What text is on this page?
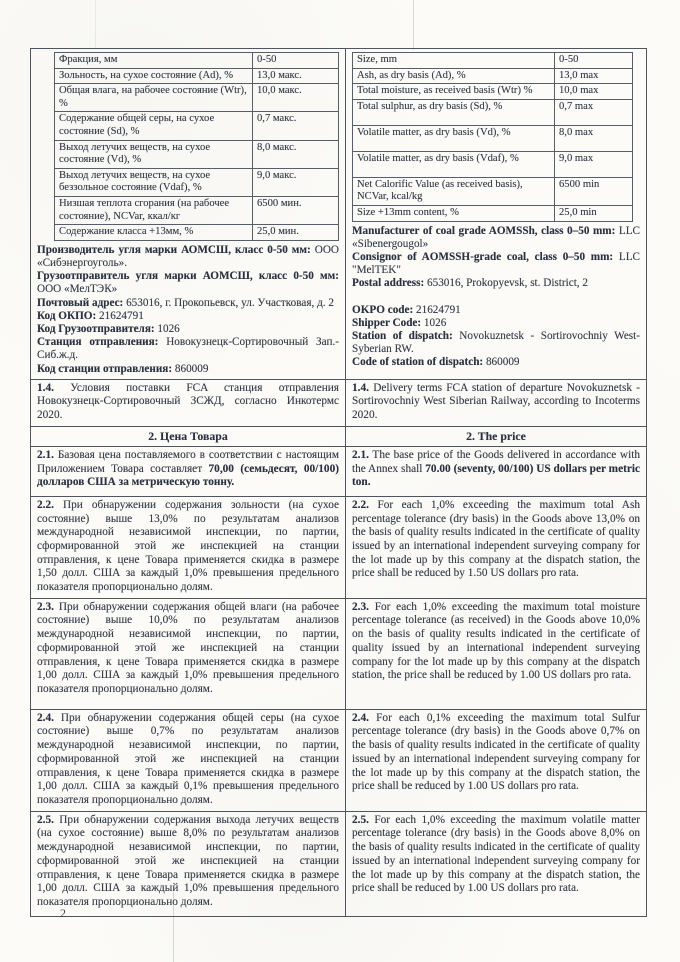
Фракция, мм	0-50
Зольность, на сухое состояние (Ad), %	13,0 макс.
Общая влага, на рабочее состояние (Wtr), %	10,0 макс.
Содержание общей серы, на сухое состояние (Sd), %	0,7 макс.
Выход летучих веществ, на сухое состояние (Vd), %	8,0 макс.
Выход летучих веществ, на сухое беззольное состояние (Vdaf), %	9,0 макс.
Низшая теплота сгорания (на рабочее состояние), NCVar, ккал/кг	6500 мин.
Содержание класса +13мм, %	25,0 мин.

Производитель угля марки АОМСШ, класс 0-50 мм: ООО «Сибэнергоуголь».

Грузоотправитель угля марки АОМСШ, класс 0-50 мм: ООО «МелТЭК»

Почтовый адрес: 653016, г. Прокопьевск, ул. Участковая, д. 2

Код ОКПО: 21624791

Код Грузоотправителя: 1026

Станция отправления: Новокузнецк-Сортировочный Зап.-Сиб.ж.д.

Код станции отправления: 860009

Size, mm	0-50
Ash, as dry basis (Ad), %	13,0 max
Total moisture, as received basis (Wtr) %	10,0 max
Total sulphur, as dry basis (Sd), %	0,7 max
Volatile matter, as dry basis (Vd), %	8,0 max
Volatile matter, as dry basis (Vdaf), %	9,0 max
Net Calorific Value (as received basis), NCVar, kcal/kg	6500 min
Size +13mm content, %	25,0 min

Manufacturer of coal grade AOMSSh, class 0–50 mm: LLC «Sibenergougol»

Consignor of AOMSSH-grade coal, class 0–50 mm: LLC "MelTEK"

Postal address: 653016, Prokopyevsk, st. District, 2

OKPO code: 21624791

Shipper Code: 1026

Station of dispatch: Novokuznetsk - Sortirovochniy West-Syberian RW.

Code of station of dispatch: 860009

1.4. Условия поставки FCA станция отправления Новокузнецк-Сортировочный ЗСЖД, согласно Инкотермс 2020.

1.4. Delivery terms FCA station of departure Novokuznetsk - Sortirovochniy West Siberian Railway, according to Incoterms 2020.

2. Цена Товара	2. The price

2.1. Базовая цена поставляемого в соответствии с настоящим Приложением Товара составляет 70,00 (семьдесят, 00/100) долларов США за метрическую тонну.

2.1. The base price of the Goods delivered in accordance with the Annex shall 70.00 (seventy, 00/100) US dollars per metric ton.

2.2. При обнаружении содержания зольности (на сухое состояние) выше 13,0% по результатам анализов международной независимой инспекции, по партии, сформированной этой же инспекцией на станции отправления, к цене Товара применяется скидка в размере 1,50 долл. США за каждый 1,0% превышения предельного показателя пропорционально долям.

2.2. For each 1,0% exceeding the maximum total Ash percentage tolerance (dry basis) in the Goods above 13,0% on the basis of quality results indicated in the certificate of quality issued by an international independent surveying company for the lot made up by this company at the dispatch station, the price shall be reduced by 1.50 US dollars pro rata.

2.3. При обнаружении содержания общей влаги (на рабочее состояние) выше 10,0% по результатам анализов международной независимой инспекции, по партии, сформированной этой же инспекцией на станции отправления, к цене Товара применяется скидка в размере 1,00 долл. США за каждый 1,0% превышения предельного показателя пропорционально долям.

2.3. For each 1,0% exceeding the maximum total moisture percentage tolerance (as received) in the Goods above 10,0% on the basis of quality results indicated in the certificate of quality issued by an international independent surveying company for the lot made up by this company at the dispatch station, the price shall be reduced by 1.00 US dollars pro rata.

2.4. При обнаружении содержания общей серы (на сухое состояние) выше 0,7% по результатам анализов международной независимой инспекции, по партии, сформированной этой же инспекцией на станции отправления, к цене Товара применяется скидка в размере 1,00 долл. США за каждый 0,1% превышения предельного показателя пропорционально долям.

2.4. For each 0,1% exceeding the maximum total Sulfur percentage tolerance (dry basis) in the Goods above 0,7% on the basis of quality results indicated in the certificate of quality issued by an international independent surveying company for the lot made up by this company at the dispatch station, the price shall be reduced by 1.00 US dollars pro rata.

2.5. При обнаружении содержания выхода летучих веществ (на сухое состояние) выше 8,0% по результатам анализов международной независимой инспекции, по партии, сформированной этой же инспекцией на станции отправления, к цене Товара применяется скидка в размере 1,00 долл. США за каждый 1,0% превышения предельного показателя пропорционально долям.

2.5. For each 1,0% exceeding the maximum volatile matter percentage tolerance (dry basis) in the Goods above 8,0% on the basis of quality results indicated in the certificate of quality issued by an international independent surveying company for the lot made up by this company at the dispatch station, the price shall be reduced by 1.00 US dollars pro rata.

2
